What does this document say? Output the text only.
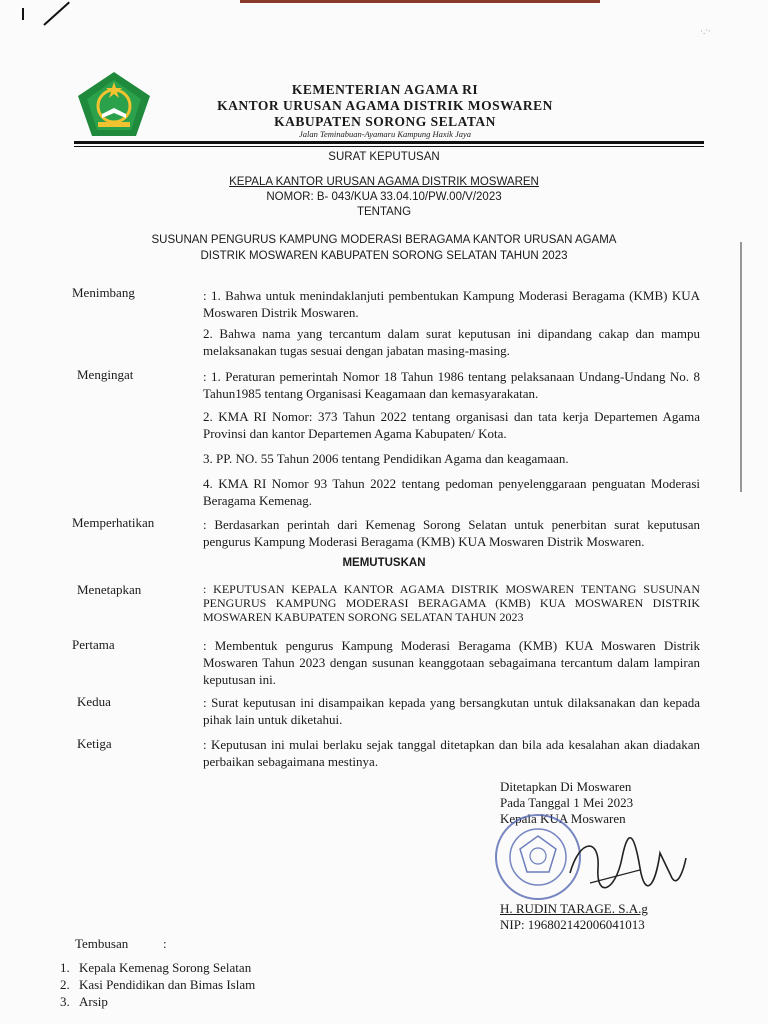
·.ˑ·
KEMENTERIAN AGAMA RI
KANTOR URUSAN AGAMA DISTRIK MOSWAREN
KABUPATEN SORONG SELATAN
Jalan Teminabuan-Ayamaru Kampung Haxik Jaya
SURAT KEPUTUSAN
KEPALA KANTOR URUSAN AGAMA DISTRIK MOSWAREN
NOMOR: B- 043/KUA 33.04.10/PW.00/V/2023
TENTANG
SUSUNAN PENGURUS KAMPUNG MODERASI BERAGAMA KANTOR URUSAN AGAMA
DISTRIK MOSWAREN KABUPATEN SORONG SELATAN TAHUN 2023
Menimbang	: 1. Bahwa untuk menindaklanjuti pembentukan Kampung Moderasi Beragama (KMB) KUA Moswaren Distrik Moswaren.
2. Bahwa nama yang tercantum dalam surat keputusan ini dipandang cakap dan mampu melaksanakan tugas sesuai dengan jabatan masing-masing.
Mengingat	: 1. Peraturan pemerintah Nomor 18 Tahun 1986 tentang pelaksanaan Undang-Undang No. 8 Tahun1985 tentang Organisasi Keagamaan dan kemasyarakatan.
2. KMA RI Nomor: 373 Tahun 2022 tentang organisasi dan tata kerja Departemen Agama Provinsi dan kantor Departemen Agama Kabupaten/ Kota.
3. PP. NO. 55 Tahun 2006 tentang Pendidikan Agama dan keagamaan.
4. KMA RI Nomor 93 Tahun 2022 tentang pedoman penyelenggaraan penguatan Moderasi Beragama Kemenag.
Memperhatikan	: Berdasarkan perintah dari Kemenag Sorong Selatan untuk penerbitan surat keputusan pengurus Kampung Moderasi Beragama (KMB) KUA Moswaren Distrik Moswaren.
MEMUTUSKAN
Menetapkan	: KEPUTUSAN KEPALA KANTOR AGAMA DISTRIK MOSWAREN TENTANG SUSUNAN PENGURUS KAMPUNG MODERASI BERAGAMA (KMB) KUA MOSWAREN DISTRIK MOSWAREN KABUPATEN SORONG SELATAN TAHUN 2023
Pertama	: Membentuk pengurus Kampung Moderasi Beragama (KMB) KUA Moswaren Distrik Moswaren Tahun 2023 dengan susunan keanggotaan sebagaimana tercantum dalam lampiran keputusan ini.
Kedua	: Surat keputusan ini disampaikan kepada yang bersangkutan untuk dilaksanakan dan kepada pihak lain untuk diketahui.
Ketiga	: Keputusan ini mulai berlaku sejak tanggal ditetapkan dan bila ada kesalahan akan diadakan perbaikan sebagaimana mestinya.
Ditetapkan Di Moswaren
Pada Tanggal 1 Mei 2023
Kepala KUA Moswaren
H. RUDIN TARAGE. S.A.g
NIP: 196802142006041013
Tembusan	:
1. Kepala Kemenag Sorong Selatan
2. Kasi Pendidikan dan Bimas Islam
3. Arsip
